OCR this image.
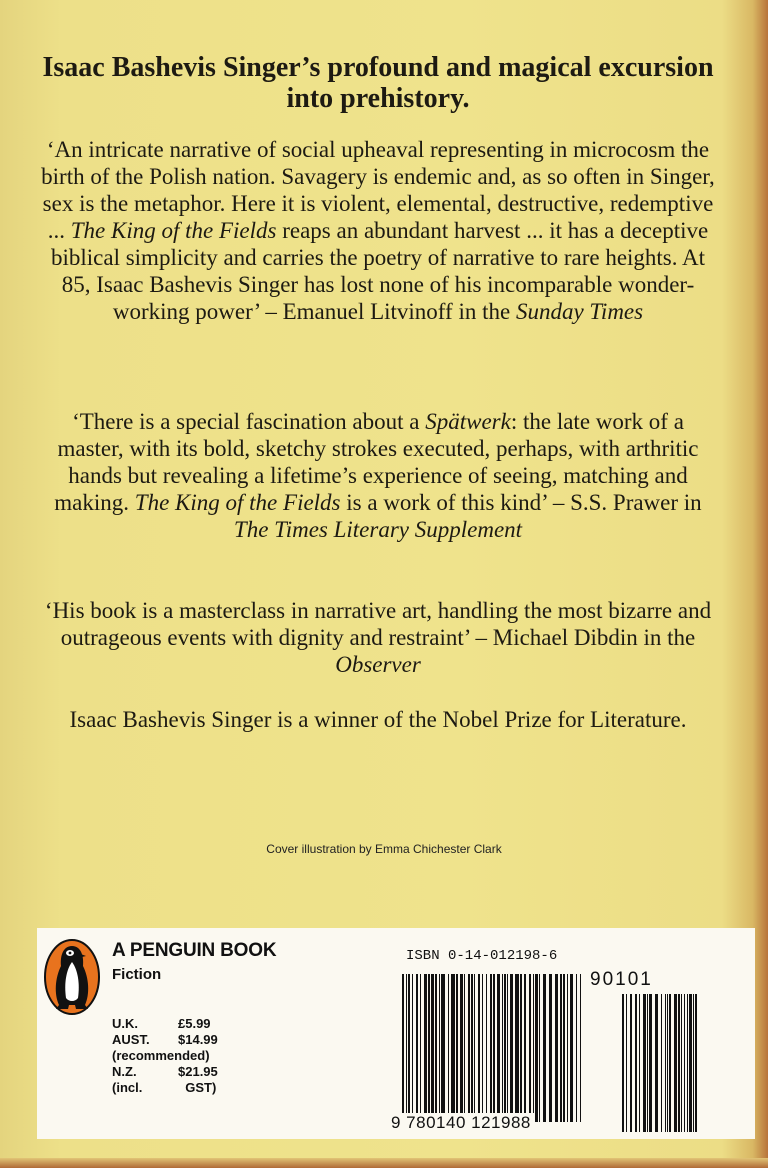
Isaac Bashevis Singer’s profound and magical excursion into prehistory.

‘An intricate narrative of social upheaval representing in microcosm the birth of the Polish nation. Savagery is endemic and, as so often in Singer, sex is the metaphor. Here it is violent, elemental, destructive, redemptive ... The King of the Fields reaps an abundant harvest ... it has a deceptive biblical simplicity and carries the poetry of narrative to rare heights. At 85, Isaac Bashevis Singer has lost none of his incomparable wonder-working power’ – Emanuel Litvinoff in the Sunday Times

‘There is a special fascination about a Spätwerk: the late work of a master, with its bold, sketchy strokes executed, perhaps, with arthritic hands but revealing a lifetime’s experience of seeing, matching and making. The King of the Fields is a work of this kind’ – S.S. Prawer in The Times Literary Supplement

‘His book is a masterclass in narrative art, handling the most bizarre and outrageous events with dignity and restraint’ – Michael Dibdin in the Observer

Isaac Bashevis Singer is a winner of the Nobel Prize for Literature.

Cover illustration by Emma Chichester Clark

A PENGUIN BOOK

Fiction

U.K.	£5.99
AUST.	$14.99
(recommended)
N.Z.	$21.95
(incl.	GST)

ISBN 0-14-012198-6

90101

9 780140 121988
